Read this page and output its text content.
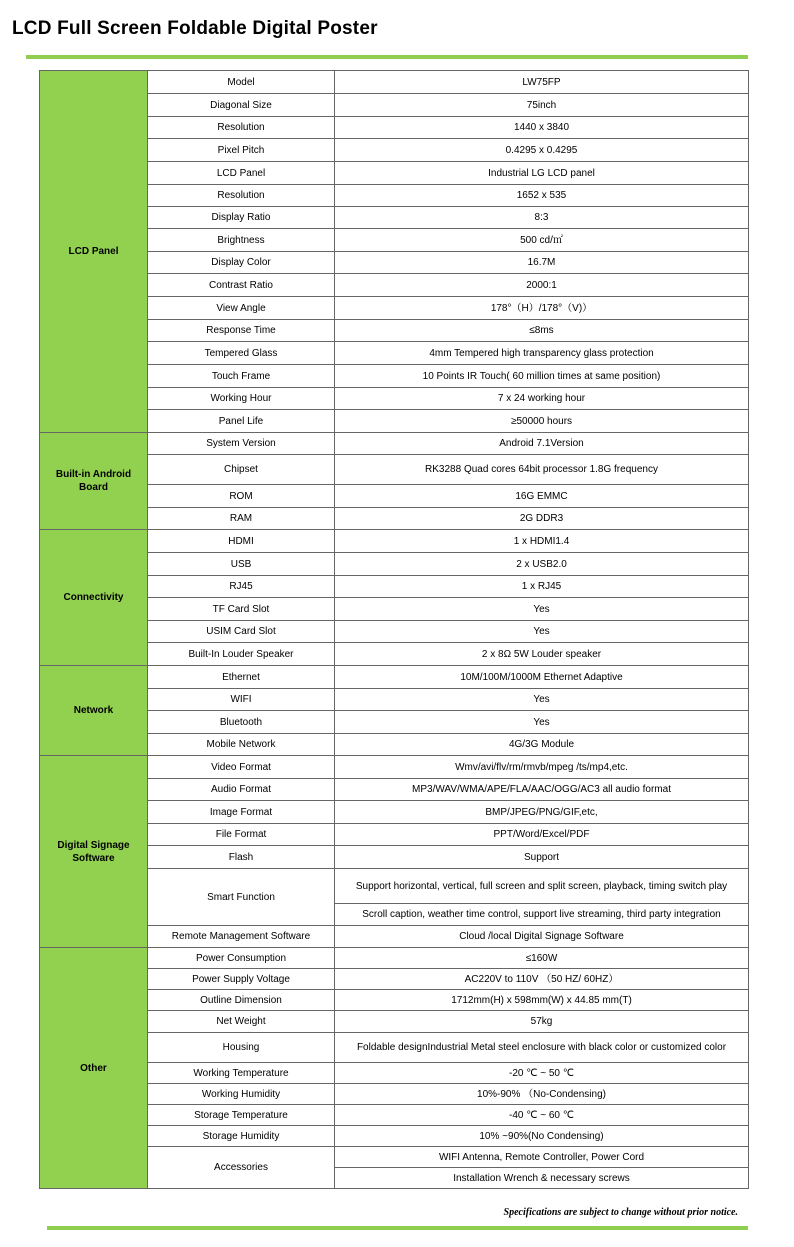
LCD Full Screen Foldable Digital Poster
LCD Panel	Model	LW75FP
	Diagonal Size	75inch
	Resolution	1440 x 3840
	Pixel Pitch	0.4295 x 0.4295
	LCD Panel	Industrial LG LCD panel
	Resolution	1652 x 535
	Display Ratio	8:3
	Brightness	500 cd/㎡
	Display Color	16.7M
	Contrast Ratio	2000:1
	View Angle	178°（H）/178°（V)）
	Response Time	≤8ms
	Tempered Glass	4mm Tempered high transparency glass protection
	Touch Frame	10 Points IR Touch( 60 million times at same position)
	Working Hour	7 x 24 working hour
	Panel Life	≥50000 hours
Built-in Android Board	System Version	Android 7.1Version
	Chipset	RK3288 Quad cores 64bit processor 1.8G frequency
	ROM	16G EMMC
	RAM	2G DDR3
Connectivity	HDMI	1 x HDMI1.4
	USB	2 x USB2.0
	RJ45	1 x RJ45
	TF Card Slot	Yes
	USIM Card Slot	Yes
	Built-In Louder Speaker	2 x 8Ω 5W Louder speaker
Network	Ethernet	10M/100M/1000M Ethernet Adaptive
	WIFI	Yes
	Bluetooth	Yes
	Mobile Network	4G/3G Module
Digital Signage Software	Video Format	Wmv/avi/flv/rm/rmvb/mpeg /ts/mp4,etc.
	Audio Format	MP3/WAV/WMA/APE/FLA/AAC/OGG/AC3 all audio format
	Image Format	BMP/JPEG/PNG/GIF,etc,
	File Format	PPT/Word/Excel/PDF
	Flash	Support
	Smart Function	Support horizontal, vertical, full screen and split screen, playback, timing switch play
		Scroll caption, weather time control, support live streaming, third party integration
	Remote Management Software	Cloud /local Digital Signage Software
Other	Power Consumption	≤160W
	Power Supply Voltage	AC220V to 110V （50 HZ/ 60HZ）
	Outline Dimension	1712mm(H) x 598mm(W) x 44.85 mm(T)
	Net Weight	57kg
	Housing	Foldable designIndustrial Metal steel enclosure with black color or customized color
	Working Temperature	-20 ℃ ~ 50 ℃
	Working Humidity	10%-90% （No-Condensing)
	Storage Temperature	-40 ℃ ~ 60 ℃
	Storage Humidity	10% ~90%(No Condensing)
	Accessories	WIFI Antenna, Remote Controller, Power Cord
		Installation Wrench & necessary screws
Specifications are subject to change without prior notice.
